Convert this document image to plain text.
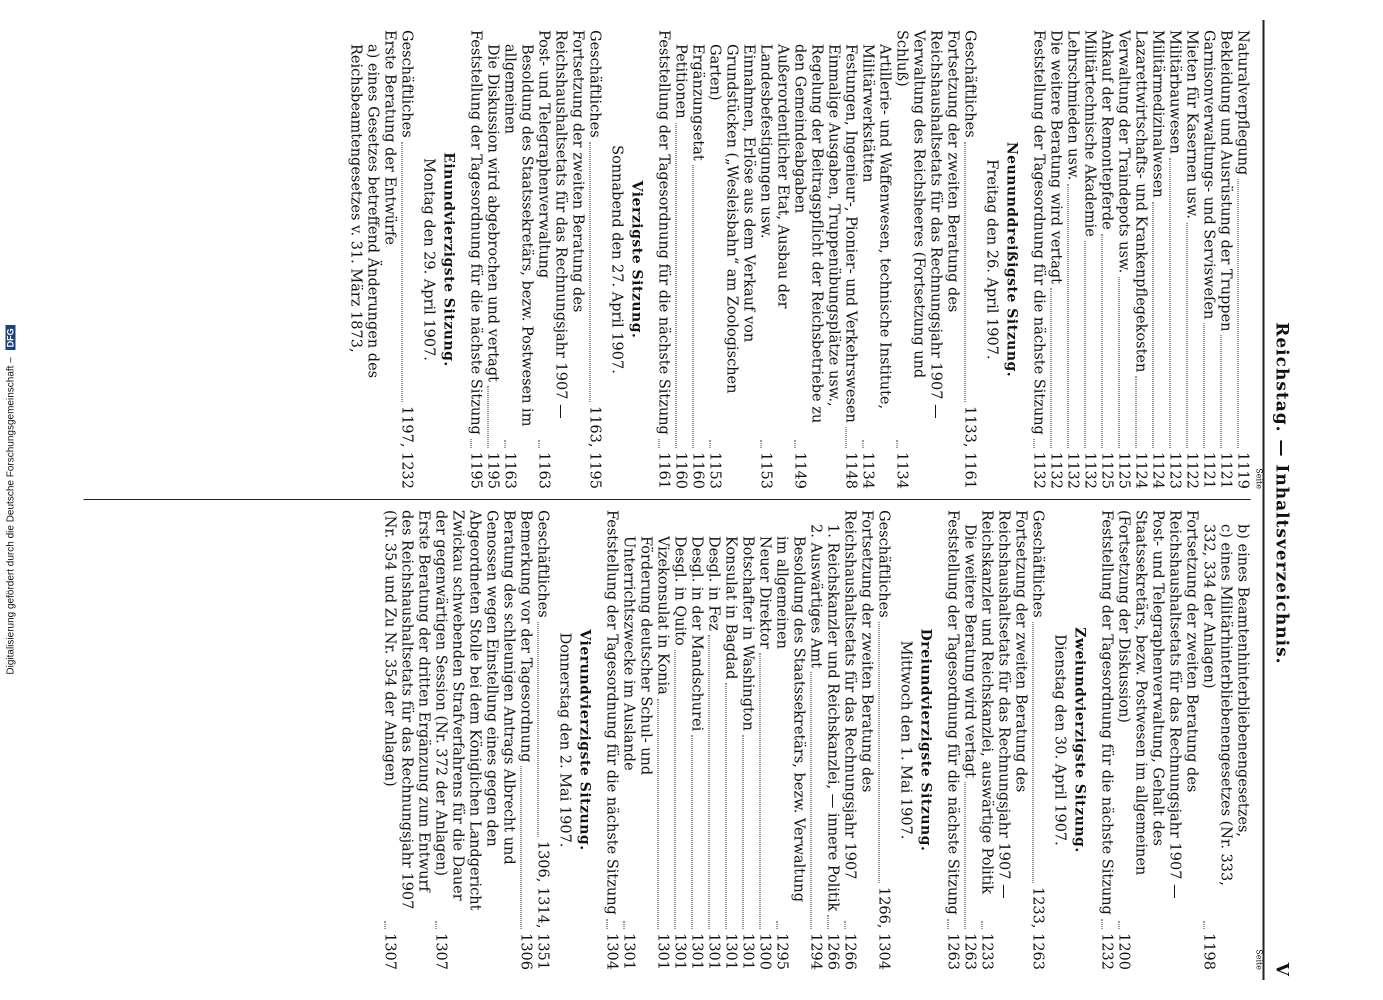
Digitalisierung gefördert durch die Deutsche Forschungsgemeinschaft – DFG	Reichstag. — Inhaltsverzeichnis.
V
Seite
Naturalverpflegung
1119
Bekleidung und Ausrüstung der Truppen
1121
Garnisonverwaltungs- und Servisweſen
1121
Mieten für Kasernen usw.
1122
Militärbauwesen
1123
Militärmedizinalwesen
1124
Lazarettwirtschafts- und Krankenpflegekosten
1124
Verwaltung der Traindepots usw.
1125
Ankauf der Remontepferde
1125
Militärtechnische Akademie
1132
Lehrschmieden usw.
1132
Die weitere Beratung wird vertagt
1132
Feststellung der Tagesordnung für die nächste Sitzung
1132
Neununddreißigste Sitzung.
Freitag den 26. April 1907.
Geschäftliches
1133, 1161
Fortsetzung der zweiten Beratung des Reichshaushaltsetats für das Rechnungsjahr 1907 — Verwaltung des Reichsheeres (Fortsetzung und Schluß)
1134
Artillerie- und Waffenwesen, technische Institute, Militärwerkstätten
1134
Festungen, Ingenieur-, Pionier- und Verkehrswesen
1148
Einmalige Ausgaben, Truppenübungsplätze usw., Regelung der Beitragspflicht der Reichsbetriebe zu den Gemeindeabgaben
1149
Außerordentlicher Etat, Ausbau der Landesbefestigungen usw.
1153
Einnahmen, Erlöse aus dem Verkauf von Grundstücken („Wesleisbahn“ am Zoologischen Garten)
1153
Ergänzungsetat
1160
Petitionen
1160
Feststellung der Tagesordnung für die nächste Sitzung
1161
Vierzigste Sitzung.
Sonnabend den 27. April 1907.
Geschäftliches
1163, 1195
Fortsetzung der zweiten Beratung des Reichshaushaltsetats für das Rechnungsjahr 1907 — Post- und Telegraphenverwaltung
1163
Besoldung des Staatssekretärs, bezw. Postwesen im allgemeinen
1163
Die Diskussion wird abgebrochen und vertagt
1195
Feststellung der Tagesordnung für die nächste Sitzung
1195
Einundvierzigste Sitzung.
Montag den 29. April 1907.
Geschäftliches
1197, 1232
Erste Beratung der Entwürfe
a) eines Gesetzes betreffend Änderungen des Reichsbeamtengesetzes v. 31. März 1873,
Seite
b) eines Beamtenhinterbliebenengesetzes,
c) eines Militärhinterbliebenengesetzes (Nr. 333, 332, 334 der Anlagen)
1198
Fortsetzung der zweiten Beratung des Reichshaushaltsetats für das Rechnungsjahr 1907 — Post- und Telegraphenverwaltung, Gehalt des Staatssekretärs, bezw. Postwesen im allgemeinen (Fortsetzung der Diskussion)
1200
Feststellung der Tagesordnung für die nächste Sitzung
1232
Zweiundvierzigste Sitzung.
Dienstag den 30. April 1907.
Geschäftliches
1233, 1263
Fortsetzung der zweiten Beratung des Reichshaushaltsetats für das Rechnungsjahr 1907 — Reichskanzler und Reichskanzlei, auswärtige Politik
1233
Die weitere Beratung wird vertagt
1263
Feststellung der Tagesordnung für die nächste Sitzung
1263
Dreiundvierzigste Sitzung.
Mittwoch den 1. Mai 1907.
Geschäftliches
1266, 1304
Fortsetzung der zweiten Beratung des Reichshaushaltsetats für das Rechnungsjahr 1907
1266
1. Reichskanzler und Reichskanzlei, — innere Politik
1266
2. Auswärtiges Amt
1294
Besoldung des Staatssekretärs, bezw. Verwaltung im allgemeinen
1295
Neuer Direktor
1300
Botschafter in Washington
1301
Konsulat in Bagdad
1301
Desgl. in Fez
1301
Desgl. in der Mandschurei
1301
Desgl. in Quito
1301
Vizekonsulat in Konia
1301
Förderung deutscher Schul- und Unterrichtszwecke im Auslande
1301
Feststellung der Tagesordnung für die nächste Sitzung
1304
Vierundvierzigste Sitzung.
Donnerstag den 2. Mai 1907.
Geschäftliches
1306, 1314, 1351
Bemerkung vor der Tagesordnung
1306
Beratung des schleunigen Antrags Albrecht und Genossen wegen Einstellung eines gegen den Abgeordneten Stolle bei dem Königlichen Landgericht Zwickau schwebenden Strafverfahrens für die Dauer der gegenwärtigen Session (Nr. 372 der Anlagen)
1307
Erste Beratung der dritten Ergänzung zum Entwurf des Reichshaushaltsetats für das Rechnungsjahr 1907 (Nr. 354 und Zu Nr. 354 der Anlagen)
1307
